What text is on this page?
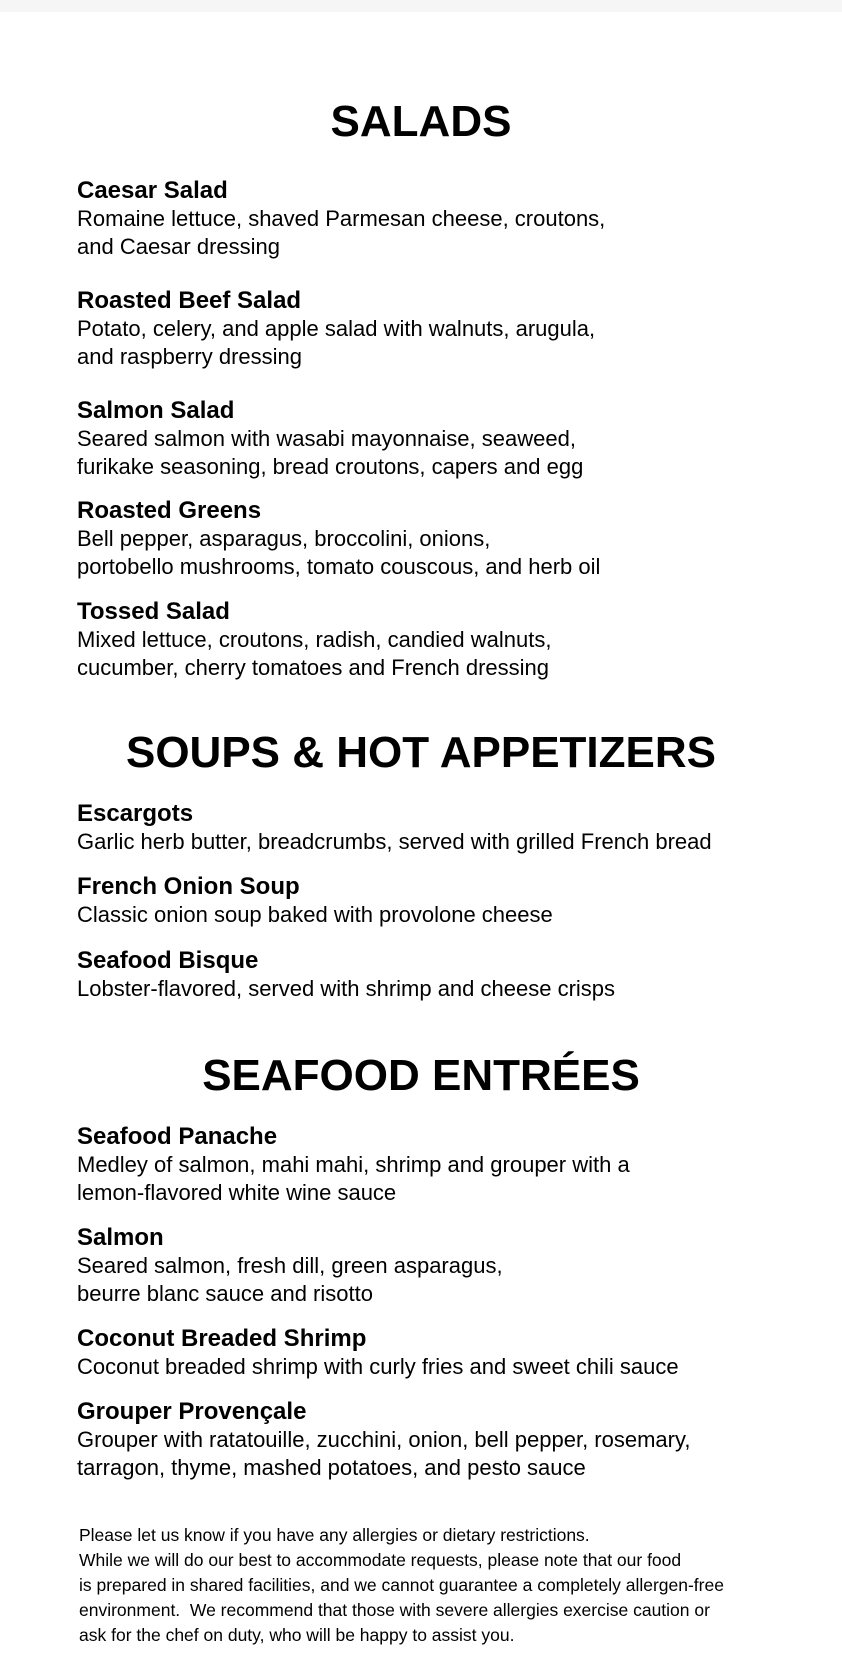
SALADS
Caesar Salad
Romaine lettuce, shaved Parmesan cheese, croutons,
and Caesar dressing
Roasted Beef Salad
Potato, celery, and apple salad with walnuts, arugula,
and raspberry dressing
Salmon Salad
Seared salmon with wasabi mayonnaise, seaweed,
furikake seasoning, bread croutons, capers and egg
Roasted Greens
Bell pepper, asparagus, broccolini, onions,
portobello mushrooms, tomato couscous, and herb oil
Tossed Salad
Mixed lettuce, croutons, radish, candied walnuts,
cucumber, cherry tomatoes and French dressing
SOUPS & HOT APPETIZERS
Escargots
Garlic herb butter, breadcrumbs, served with grilled French bread
French Onion Soup
Classic onion soup baked with provolone cheese
Seafood Bisque
Lobster-flavored, served with shrimp and cheese crisps
SEAFOOD ENTRÉES
Seafood Panache
Medley of salmon, mahi mahi, shrimp and grouper with a
lemon-flavored white wine sauce
Salmon
Seared salmon, fresh dill, green asparagus,
beurre blanc sauce and risotto
Coconut Breaded Shrimp
Coconut breaded shrimp with curly fries and sweet chili sauce
Grouper Provençale
Grouper with ratatouille, zucchini, onion, bell pepper, rosemary,
tarragon, thyme, mashed potatoes, and pesto sauce
Please let us know if you have any allergies or dietary restrictions.
While we will do our best to accommodate requests, please note that our food
is prepared in shared facilities, and we cannot guarantee a completely allergen-free
environment.  We recommend that those with severe allergies exercise caution or
ask for the chef on duty, who will be happy to assist you.
